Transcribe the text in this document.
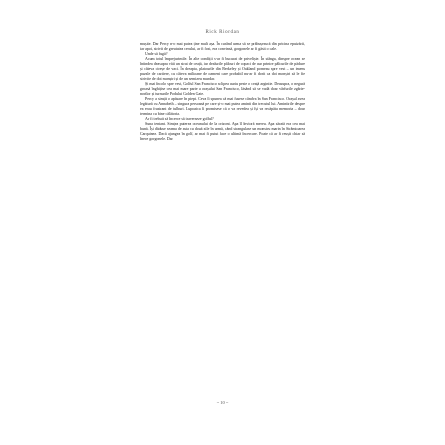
Rick Riordan

mușite. Dar Percy n-o mai putea ține mult așa. În curând urma să se prăbușească din pricina epuizării, iar apoi, strivit de greutatea cerului, ar fi fost, era convinsă, gorgonele ar fi găsit o cale.

Unde să fugă?

Acum totul împrejurimile. În alte condiții s-ar fi bucurat de priveliște. În stânga, dinspre ocean se întindea deasupra văii un strat de ceață, iar dealurile pâlcuri de copaci de aur printre pâlcurile de pădure și câteva cireșe de vaci. În dreapta, platourile din Berkeley și Oakland porneau spre vest – un imens puzzle de cartiere, cu câteva milioane de oameni care probabil nu-ar fi dorit ca doi monștri să le fie strivite de doi monștri și de un semizeu murdar.

Și mai încolo spre vest, Golful San Francisco sclipea auriu peste o ceață argintie. Deasupra, o negură groasă înghițise cea mai mare parte a orașului San Francisco, lăsând să se vadă doar vârfurile zgârie-norilor și turnurile Podului Golden Gate.

Percy a simțit o apăsare în piept. Ceva îi spunea că mai fusese cândva în San Francisco. Orașul avea legătură cu Annabeth – singura persoană pe care și-o mai putea aminti din trecutul lui. Amintirile despre ea erau frustrant de tulburi. Lupoaica îi promisese că o va revedea și își va recăpăta memoria – doar termina cu bine călătoria.

Ar fi trebuit să încerce să traverseze golful?

Suna tentant. Simțea puterea oceanului de la orizont. Apa îl învioră mereu. Apa sărată era cea mai bună. Își dăduse seama de asta cu două zile în urmă, când strangulase un monstru marin în Strâmtoarea Carquinez. Dacă ajungea în golf, ar mai fi putut face o ultimă încercare. Poate că ar fi reușit chiar să înece gorgonele. Dar

~ 10 ~
